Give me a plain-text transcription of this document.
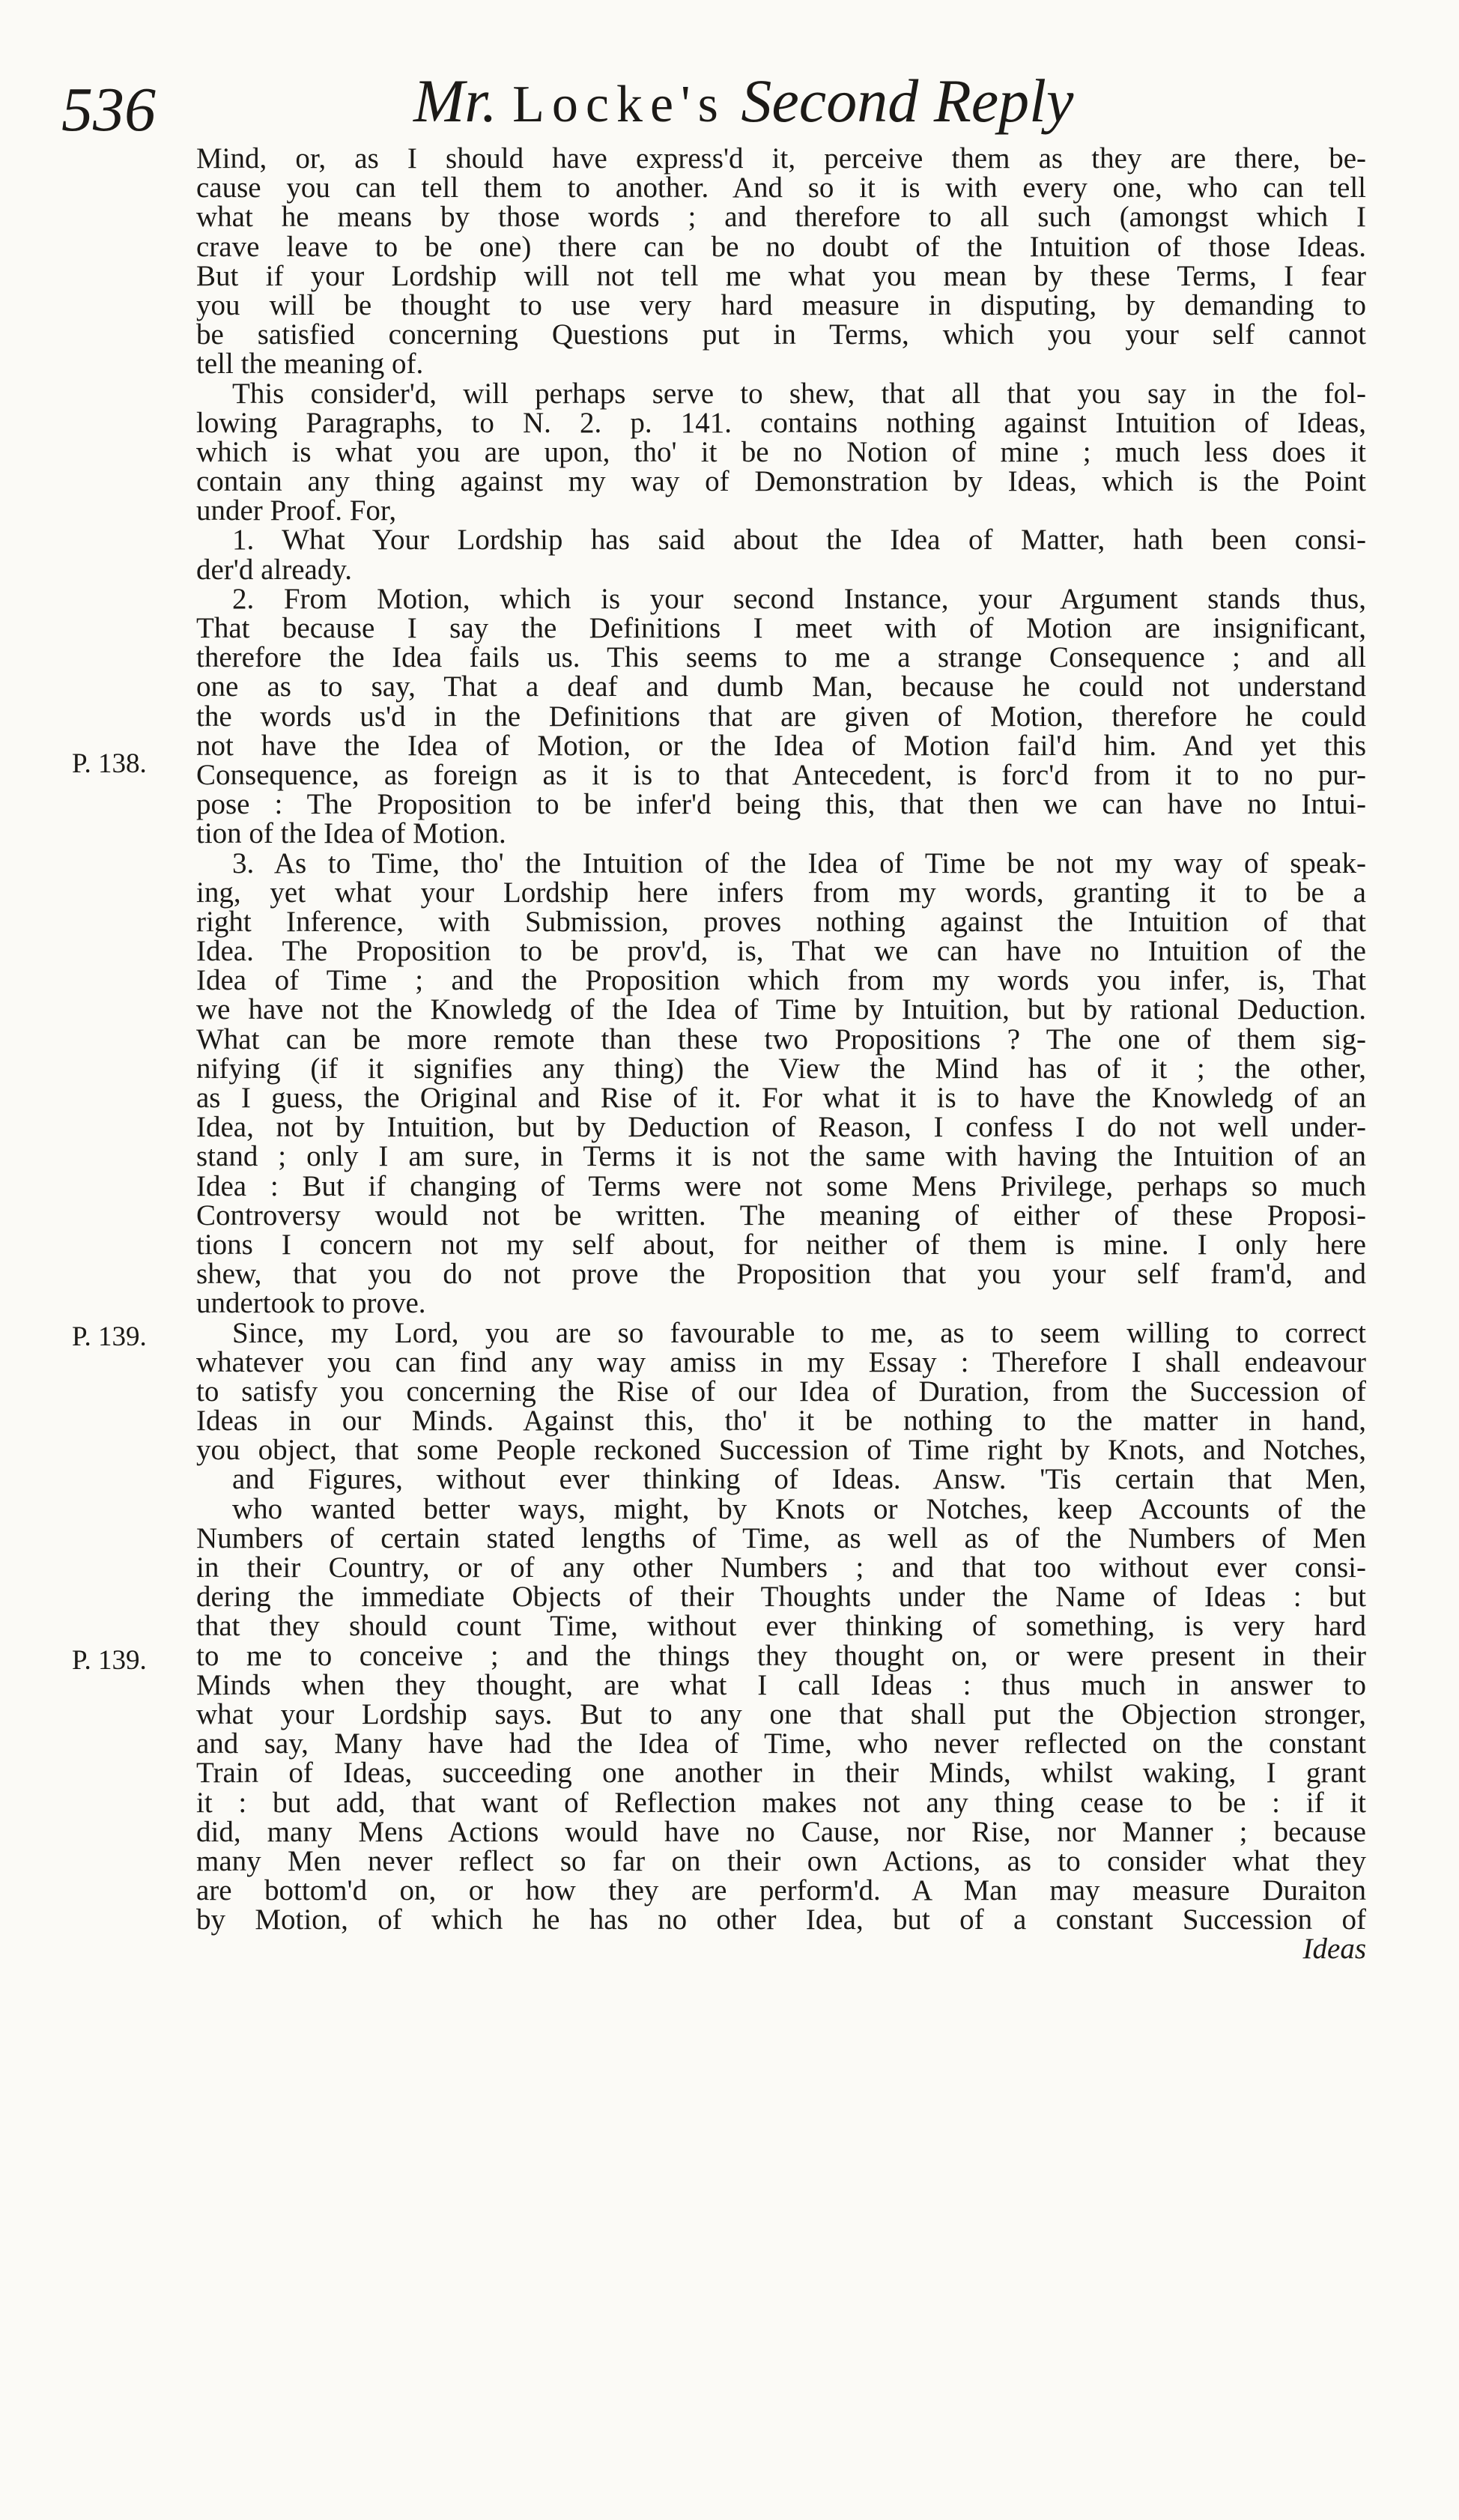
536	Mr. Locke's Second Reply
P. 138.
P. 139.
P. 139.
Mind, or, as I should have express'd it, perceive them as they are there, be-
cause you can tell them to another. And so it is with every one, who can tell
what he means by those words ; and therefore to all such (amongst which I
crave leave to be one) there can be no doubt of the Intuition of those Ideas.
But if your Lordship will not tell me what you mean by these Terms, I fear
you will be thought to use very hard measure in disputing, by demanding to
be satisfied concerning Questions put in Terms, which you your self cannot
tell the meaning of.
This consider'd, will perhaps serve to shew, that all that you say in the fol-
lowing Paragraphs, to N. 2. p. 141. contains nothing against Intuition of Ideas,
which is what you are upon, tho' it be no Notion of mine ; much less does it
contain any thing against my way of Demonstration by Ideas, which is the Point
under Proof. For,
1. What Your Lordship has said about the Idea of Matter, hath been consi-
der'd already.
2. From Motion, which is your second Instance, your Argument stands thus,
That because I say the Definitions I meet with of Motion are insignificant,
therefore the Idea fails us. This seems to me a strange Consequence ; and all
one as to say, That a deaf and dumb Man, because he could not understand
the words us'd in the Definitions that are given of Motion, therefore he could
not have the Idea of Motion, or the Idea of Motion fail'd him. And yet this
Consequence, as foreign as it is to that Antecedent, is forc'd from it to no pur-
pose : The Proposition to be infer'd being this, that then we can have no Intui-
tion of the Idea of Motion.
3. As to Time, tho' the Intuition of the Idea of Time be not my way of speak-
ing, yet what your Lordship here infers from my words, granting it to be a
right Inference, with Submission, proves nothing against the Intuition of that
Idea. The Proposition to be prov'd, is, That we can have no Intuition of the
Idea of Time ; and the Proposition which from my words you infer, is, That
we have not the Knowledg of the Idea of Time by Intuition, but by rational Deduction.
What can be more remote than these two Propositions ? The one of them sig-
nifying (if it signifies any thing) the View the Mind has of it ; the other,
as I guess, the Original and Rise of it. For what it is to have the Knowledg of an
Idea, not by Intuition, but by Deduction of Reason, I confess I do not well under-
stand ; only I am sure, in Terms it is not the same with having the Intuition of an
Idea : But if changing of Terms were not some Mens Privilege, perhaps so much
Controversy would not be written. The meaning of either of these Proposi-
tions I concern not my self about, for neither of them is mine. I only here
shew, that you do not prove the Proposition that you your self fram'd, and
undertook to prove.
Since, my Lord, you are so favourable to me, as to seem willing to correct
whatever you can find any way amiss in my Essay : Therefore I shall endeavour
to satisfy you concerning the Rise of our Idea of Duration, from the Succession of
Ideas in our Minds. Against this, tho' it be nothing to the matter in hand,
you object, that some People reckoned Succession of Time right by Knots, and Notches,
and Figures, without ever thinking of Ideas. Answ. 'Tis certain that Men,
who wanted better ways, might, by Knots or Notches, keep Accounts of the
Numbers of certain stated lengths of Time, as well as of the Numbers of Men
in their Country, or of any other Numbers ; and that too without ever consi-
dering the immediate Objects of their Thoughts under the Name of Ideas : but
that they should count Time, without ever thinking of something, is very hard
to me to conceive ; and the things they thought on, or were present in their
Minds when they thought, are what I call Ideas : thus much in answer to
what your Lordship says. But to any one that shall put the Objection stronger,
and say, Many have had the Idea of Time, who never reflected on the constant
Train of Ideas, succeeding one another in their Minds, whilst waking, I grant
it : but add, that want of Reflection makes not any thing cease to be : if it
did, many Mens Actions would have no Cause, nor Rise, nor Manner ; because
many Men never reflect so far on their own Actions, as to consider what they
are bottom'd on, or how they are perform'd. A Man may measure Duraiton
by Motion, of which he has no other Idea, but of a constant Succession of
Ideas
